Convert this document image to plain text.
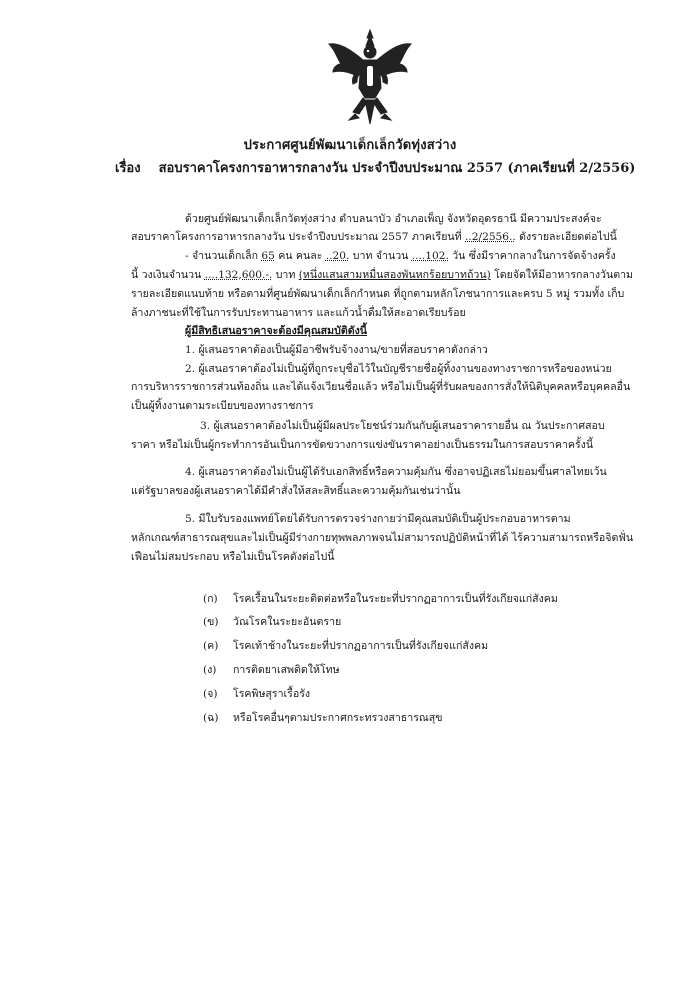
ประกาศศูนย์พัฒนาเด็กเล็กวัดทุ่งสว่าง
เรื่อง สอบราคาโครงการอาหารกลางวัน ประจำปีงบประมาณ 2557 (ภาคเรียนที่ 2/2556)
ด้วยศูนย์พัฒนาเด็กเล็กวัดทุ่งสว่าง ตำบลนาบัว อำเภอเพ็ญ จังหวัดอุดรธานี มีความประสงค์จะ
สอบราคาโครงการอาหารกลางวัน ประจำปีงบประมาณ 2557 ภาคเรียนที่ ..2/2556.. ดังรายละเอียดต่อไปนี้
- จำนวนเด็กเล็ก 65 คน คนละ ..20. บาท จำนวน ....102. วัน ซึ่งมีราคากลางในการจัดจ้างครั้ง
นี้ วงเงินจำนวน ....132,600.-. บาท (หนึ่งแสนสามหมื่นสองพันหกร้อยบาทถ้วน) โดยจัดให้มีอาหารกลางวันตาม
รายละเอียดแนบท้าย หรือตามที่ศูนย์พัฒนาเด็กเล็กกำหนด ที่ถูกตามหลักโภชนาการและครบ 5 หมู่ รวมทั้ง เก็บ
ล้างภาชนะที่ใช้ในการรับประทานอาหาร และแก้วน้ำดื่มให้สะอาดเรียบร้อย
ผู้มีสิทธิเสนอราคาจะต้องมีคุณสมบัติดังนี้
1. ผู้เสนอราคาต้องเป็นผู้มีอาชีพรับจ้างงาน/ขายที่สอบราคาดังกล่าว
2. ผู้เสนอราคาต้องไม่เป็นผู้ที่ถูกระบุชื่อไว้ในบัญชีรายชื่อผู้ทิ้งงานของทางราชการหรือของหน่วย
การบริหารราชการส่วนท้องถิ่น และได้แจ้งเวียนชื่อแล้ว หรือไม่เป็นผู้ที่รับผลของการสั่งให้นิติบุคคลหรือบุคคลอื่น
เป็นผู้ทิ้งงานตามระเบียบของทางราชการ
3. ผู้เสนอราคาต้องไม่เป็นผู้มีผลประโยชน์ร่วมกันกับผู้เสนอราคารายอื่น ณ วันประกาศสอบ
ราคา หรือไม่เป็นผู้กระทำการอันเป็นการขัดขวางการแข่งขันราคาอย่างเป็นธรรมในการสอบราคาครั้งนี้
4. ผู้เสนอราคาต้องไม่เป็นผู้ได้รับเอกสิทธิ์หรือความคุ้มกัน ซึ่งอาจปฏิเสธไม่ยอมขึ้นศาลไทยเว้น
แต่รัฐบาลของผู้เสนอราคาได้มีคำสั่งให้สละสิทธิ์และความคุ้มกันเช่นว่านั้น
5. มีใบรับรองแพทย์โดยได้รับการตรวจร่างกายว่ามีคุณสมบัติเป็นผู้ประกอบอาหารตาม
หลักเกณฑ์สาธารณสุขและไม่เป็นผู้มีร่างกายทุพพลภาพจนไม่สามารถปฏิบัติหน้าที่ได้ ไร้ความสามารถหรือจิตฟั่น
เฟือนไม่สมประกอบ หรือไม่เป็นโรคดังต่อไปนี้
(ก) โรคเรื้อนในระยะติดต่อหรือในระยะที่ปรากฏอาการเป็นที่รังเกียจแก่สังคม
(ข) วัณโรคในระยะอันตราย
(ค) โรคเท้าช้างในระยะที่ปรากฏอาการเป็นที่รังเกียจแก่สังคม
(ง) การติดยาเสพติดให้โทษ
(จ) โรคพิษสุราเรื้อรัง
(ฉ) หรือโรคอื่นๆตามประกาศกระทรวงสาธารณสุข
